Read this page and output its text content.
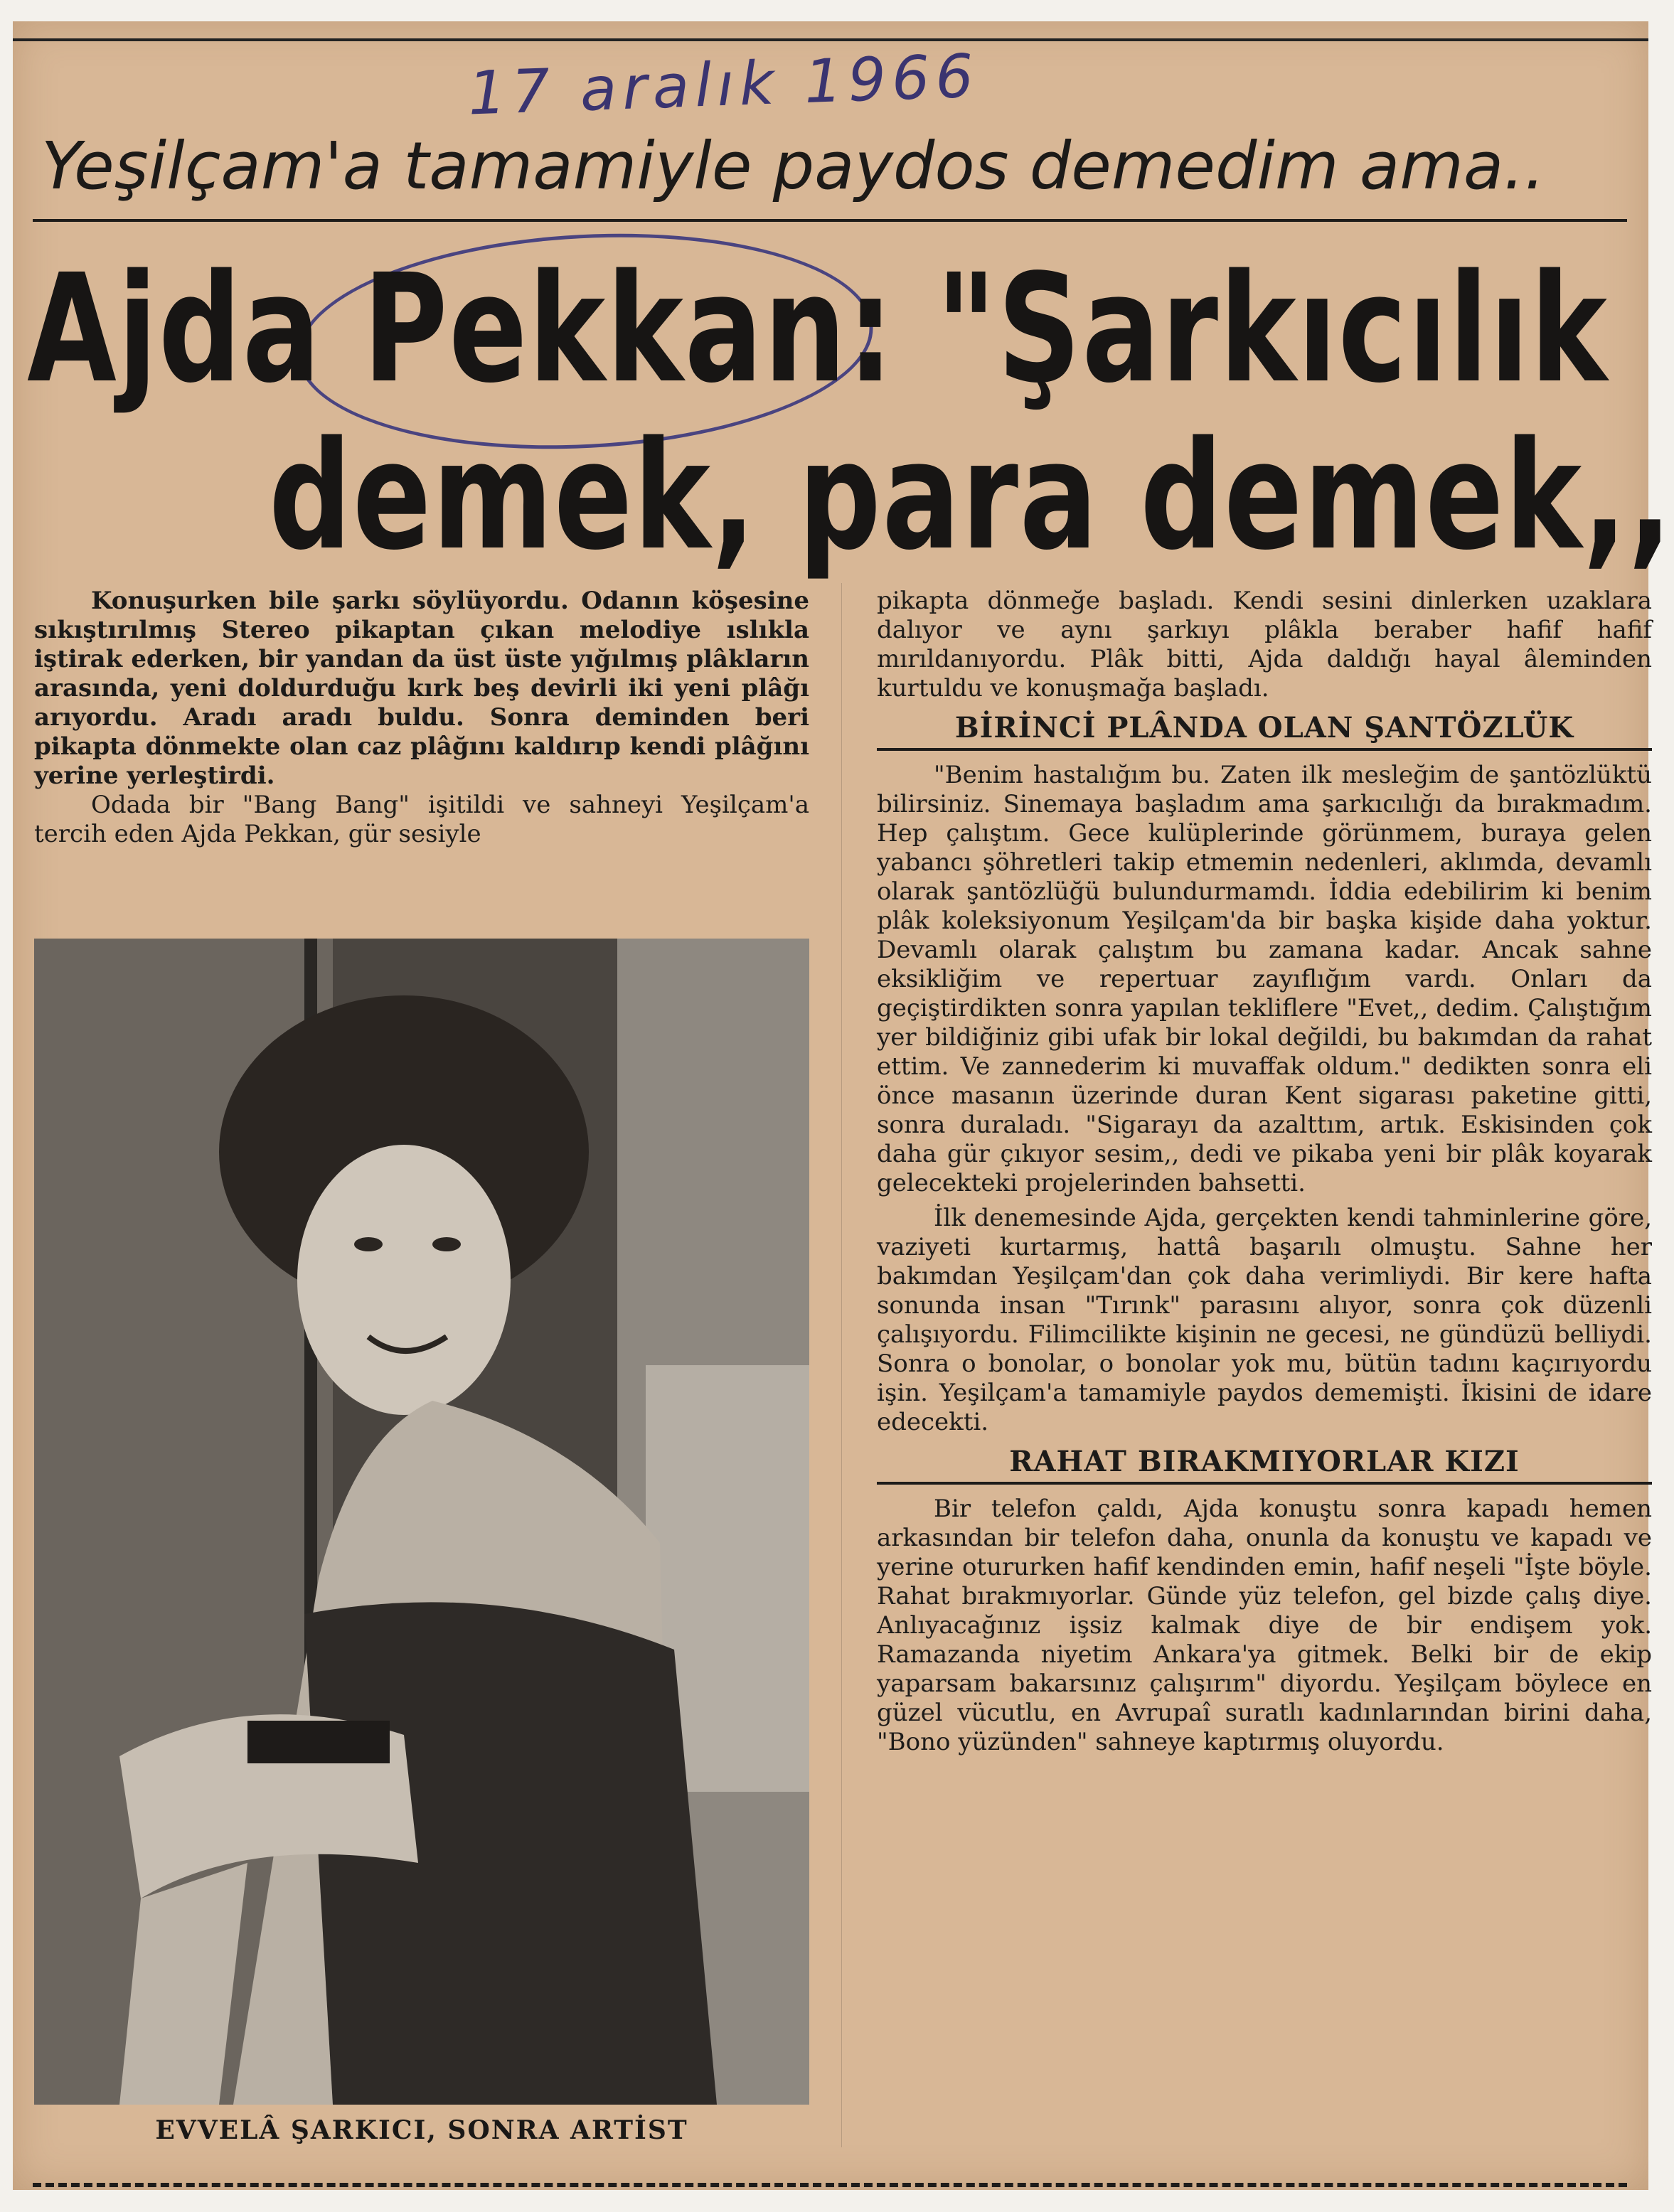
17 aralık 1966
Yeşilçam'a tamamiyle paydos demedim ama..
Ajda Pekkan: "Şarkıcılık
demek, para demek,,

Konuşurken bile şarkı söylüyordu. Odanın köşesine sıkıştırılmış Stereo pikaptan çıkan melodiye ıslıkla iştirak ederken, bir yandan da üst üste yığılmış plâkların arasında, yeni doldurduğu kırk beş devirli iki yeni plâğı arıyordu. Aradı aradı buldu. Sonra deminden beri pikapta dönmekte olan caz plâğını kaldırıp kendi plâğını yerine yerleştirdi.

Odada bir "Bang Bang" işitildi ve sahneyi Yeşilçam'a tercih eden Ajda Pekkan, gür sesiyle

EVVELÂ ŞARKICI, SONRA ARTİST

pikapta dönmeğe başladı. Kendi sesini dinlerken uzaklara dalıyor ve aynı şarkıyı plâkla beraber hafif hafif mırıldanıyordu. Plâk bitti, Ajda daldığı hayal âleminden kurtuldu ve konuşmağa başladı.

BİRİNCİ PLÂNDA OLAN ŞANTÖZLÜK

"Benim hastalığım bu. Zaten ilk mesleğim de şantözlüktü bilirsiniz. Sinemaya başladım ama şarkıcılığı da bırakmadım. Hep çalıştım. Gece kulüplerinde görünmem, buraya gelen yabancı şöhretleri takip etmemin nedenleri, aklımda, devamlı olarak şantözlüğü bulundurmamdı. İddia edebilirim ki benim plâk koleksiyonum Yeşilçam'da bir başka kişide daha yoktur. Devamlı olarak çalıştım bu zamana kadar. Ancak sahne eksikliğim ve repertuar zayıflığım vardı. Onları da geçiştirdikten sonra yapılan tekliflere "Evet,, dedim. Çalıştığım yer bildiğiniz gibi ufak bir lokal değildi, bu bakımdan da rahat ettim. Ve zannederim ki muvaffak oldum." dedikten sonra eli önce masanın üzerinde duran Kent sigarası paketine gitti, sonra duraladı. "Sigarayı da azalttım, artık. Eskisinden çok daha gür çıkıyor sesim,, dedi ve pikaba yeni bir plâk koyarak gelecekteki projelerinden bahsetti.

İlk denemesinde Ajda, gerçekten kendi tahminlerine göre, vaziyeti kurtarmış, hattâ başarılı olmuştu. Sahne her bakımdan Yeşilçam'dan çok daha verimliydi. Bir kere hafta sonunda insan "Tırınk" parasını alıyor, sonra çok düzenli çalışıyordu. Filimcilikte kişinin ne gecesi, ne gündüzü belliydi. Sonra o bonolar, o bonolar yok mu, bütün tadını kaçırıyordu işin. Yeşilçam'a tamamiyle paydos dememişti. İkisini de idare edecekti.

RAHAT BIRAKMIYORLAR KIZI

Bir telefon çaldı, Ajda konuştu sonra kapadı hemen arkasından bir telefon daha, onunla da konuştu ve kapadı ve yerine otururken hafif kendinden emin, hafif neşeli "İşte böyle. Rahat bırakmıyorlar. Günde yüz telefon, gel bizde çalış diye. Anlıyacağınız işsiz kalmak diye de bir endişem yok. Ramazanda niyetim Ankara'ya gitmek. Belki bir de ekip yaparsam bakarsınız çalışırım" diyordu. Yeşilçam böylece en güzel vücutlu, en Avrupaî suratlı kadınlarından birini daha, "Bono yüzünden" sahneye kaptırmış oluyordu.
